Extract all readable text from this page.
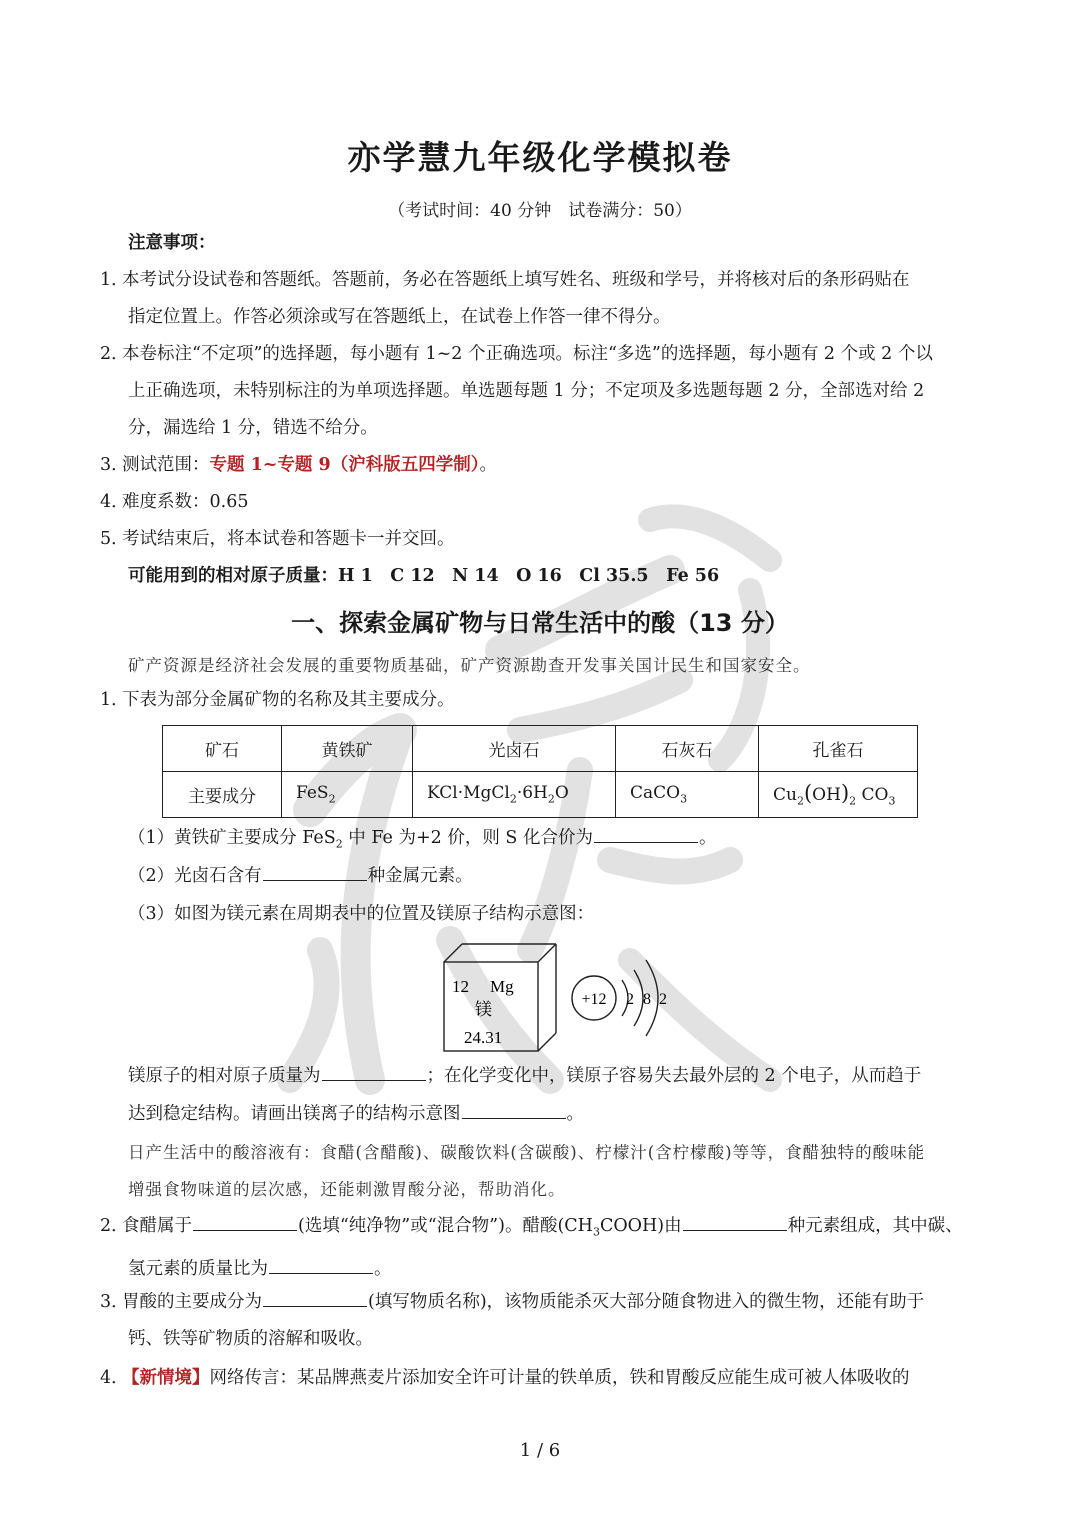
亦学慧九年级化学模拟卷

（考试时间：40 分钟　试卷满分：50）

注意事项：

1．本考试分设试卷和答题纸。答题前，务必在答题纸上填写姓名、班级和学号，并将核对后的条形码贴在
指定位置上。作答必须涂或写在答题纸上，在试卷上作答一律不得分。
2．本卷标注“不定项”的选择题，每小题有 1~2 个正确选项。标注“多选”的选择题，每小题有 2 个或 2 个以
上正确选项，未特别标注的为单项选择题。单选题每题 1 分；不定项及多选题每题 2 分，全部选对给 2
分，漏选给 1 分，错选不给分。
3．测试范围：专题 1~专题 9（沪科版五四学制）。
4．难度系数：0.65
5．考试结束后，将本试卷和答题卡一并交回。

可能用到的相对原子质量：H 1　C 12　N 14　O 16　Cl 35.5　Fe 56

一、探索金属矿物与日常生活中的酸（13 分）

矿产资源是经济社会发展的重要物质基础，矿产资源勘查开发事关国计民生和国家安全。

1．下表为部分金属矿物的名称及其主要成分。
矿石	黄铁矿	光卤石	石灰石	孔雀石
主要成分	FeS$_2$	$KCl\cdot MgCl_2\cdot 6H_2O$	CaCO$_3$	$Cu_2(OH)_2$ $CO_3$
（1）黄铁矿主要成分 FeS$_2$ 中 Fe 为+2 价，则 S 化合价为	。
（2）光卤石含有	种金属元素。

（3）如图为镁元素在周期表中的位置及镁原子结构示意图：

12 Mg
镁
24.31
+12 2 8 2
镁原子的相对原子质量为	；在化学变化中，镁原子容易失去最外层的 2 个电子，从而趋于
达到稳定结构。请画出镁离子的结构示意图	。

日产生活中的酸溶液有：食醋(含醋酸)、碳酸饮料(含碳酸)、柠檬汁(含柠檬酸)等等，食醋独特的酸味能

增强食物味道的层次感，还能刺激胃酸分泌，帮助消化。

2．食醋属于	(选填“纯净物”或“混合物”)。醋酸$(CH_3COOH)$由	种元素组成，其中碳、
氢元素的质量比为	。
3．胃酸的主要成分为	(填写物质名称)，该物质能杀灭大部分随食物进入的微生物，还能有助于
钙、铁等矿物质的溶解和吸收。
4．【新情境】网络传言：某品牌燕麦片添加安全许可计量的铁单质，铁和胃酸反应能生成可被人体吸收的

1 / 6
